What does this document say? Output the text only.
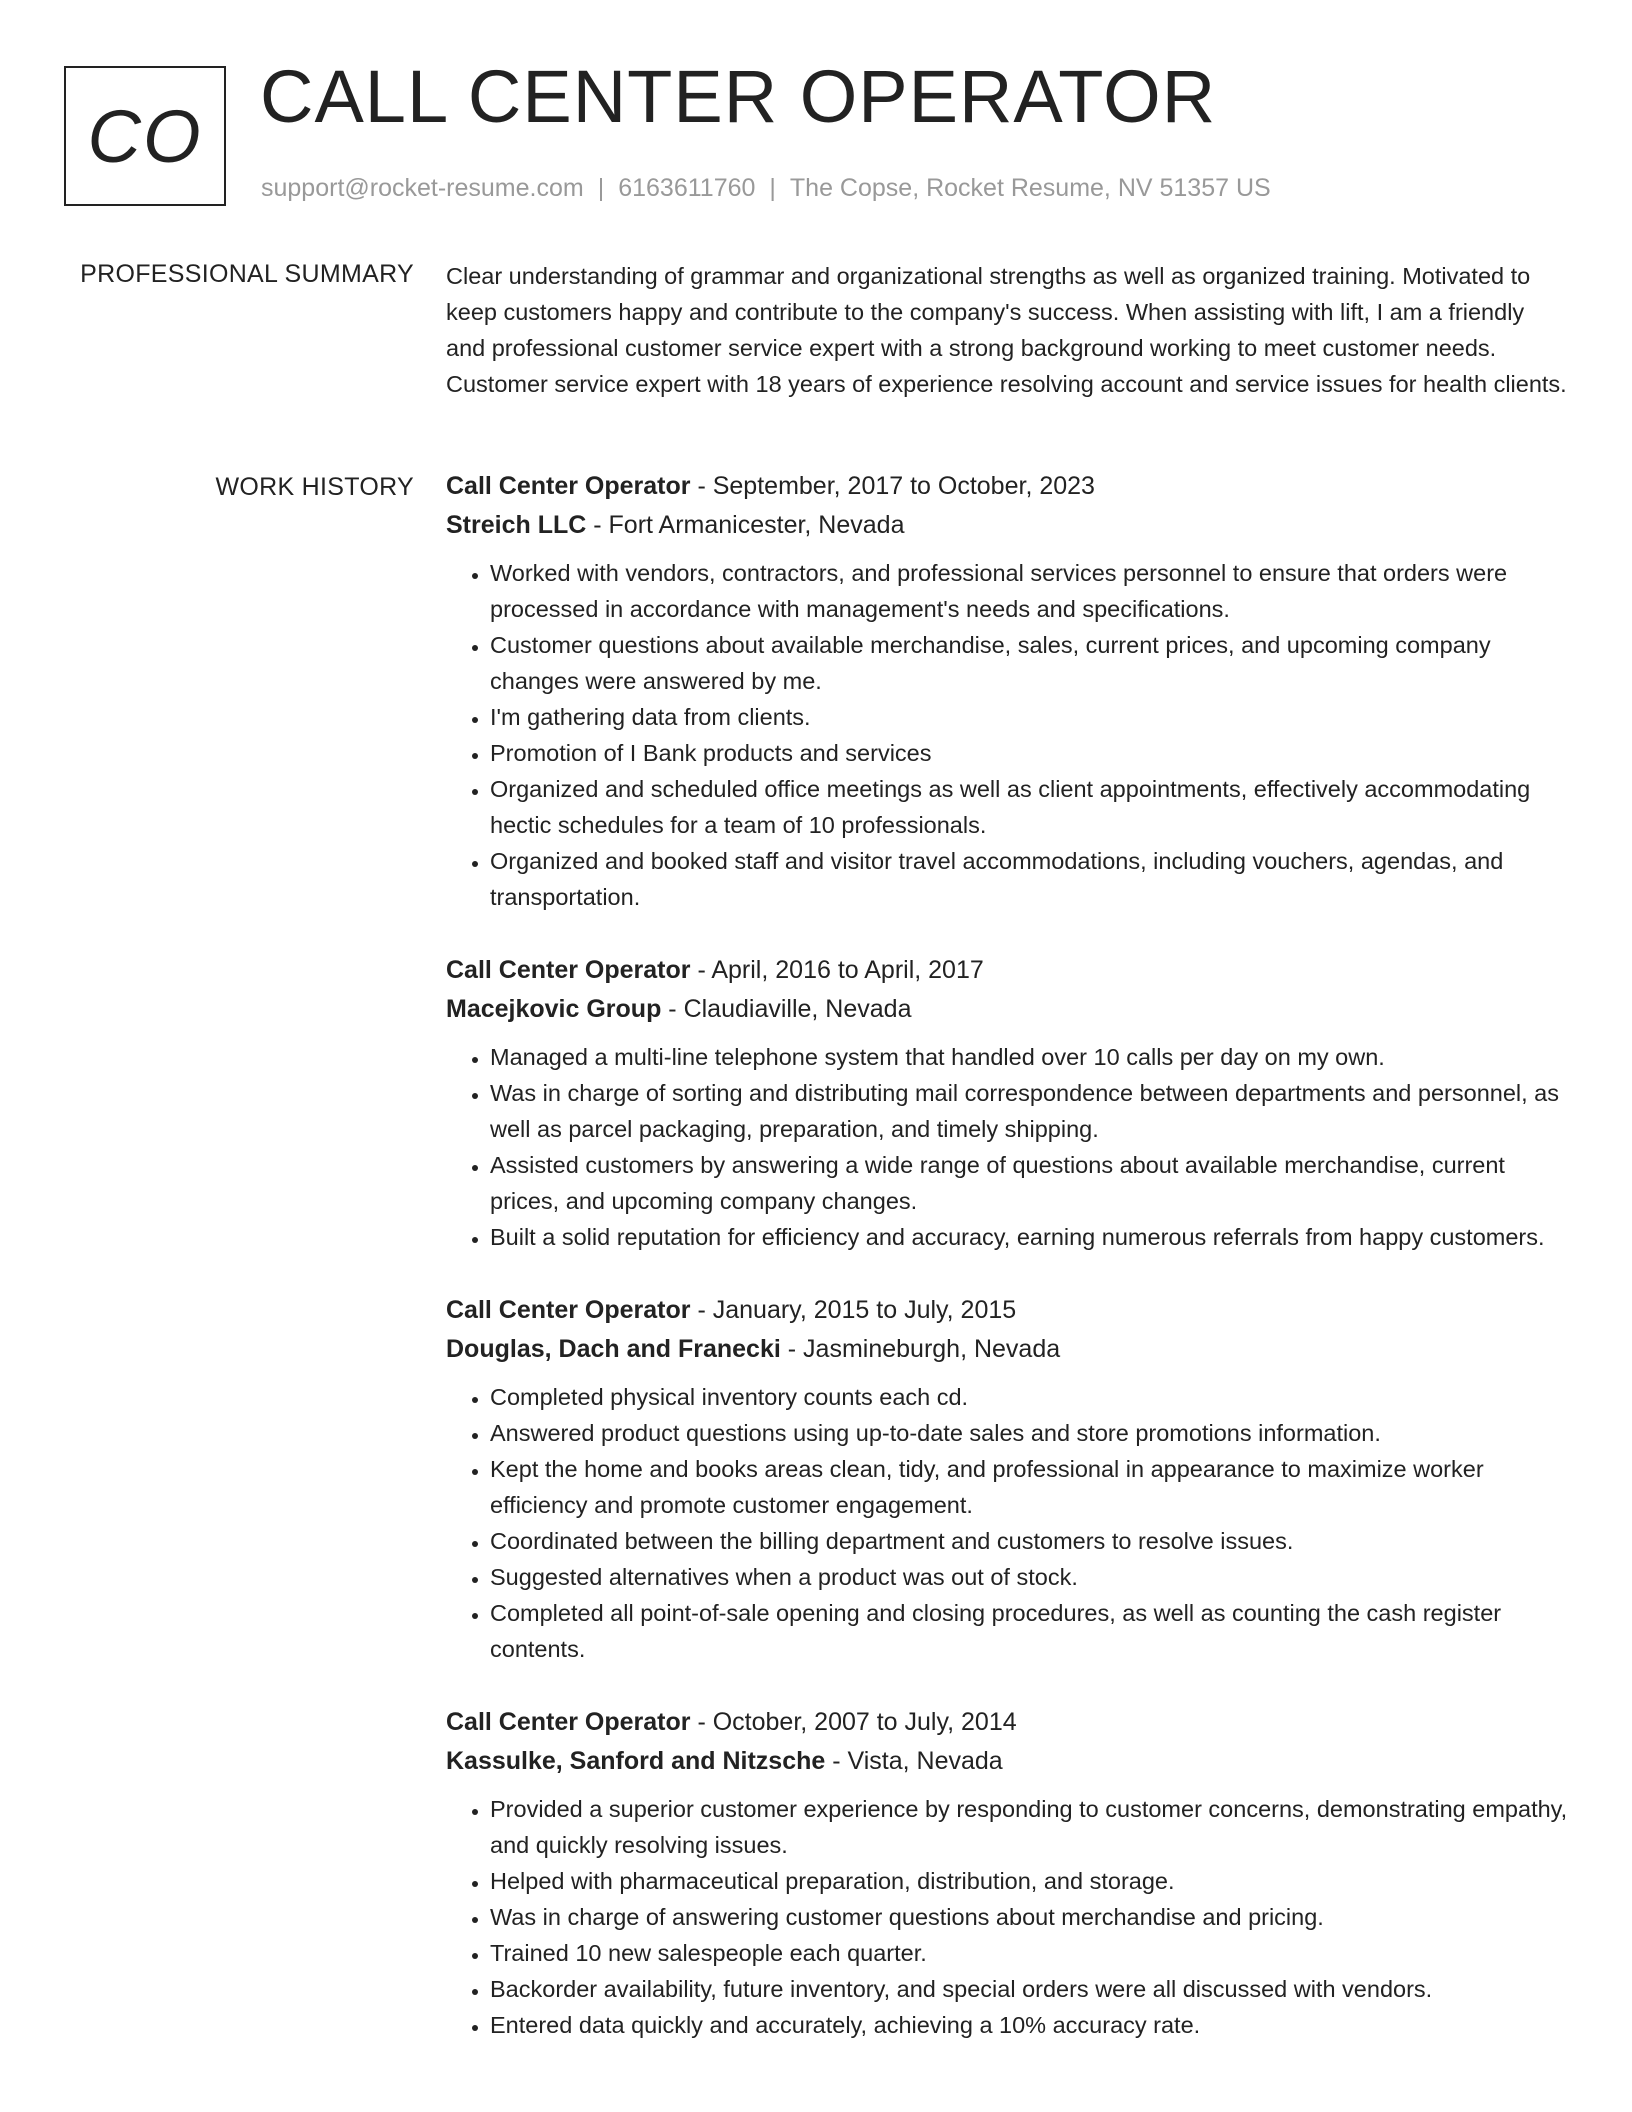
CO CALL CENTER OPERATOR
support@rocket-resume.com | 6163611760 | The Copse, Rocket Resume, NV 51357 US
PROFESSIONAL SUMMARY Clear understanding of grammar and organizational strengths as well as organized training. Motivated to keep customers happy and contribute to the company's success. When assisting with lift, I am a friendly and professional customer service expert with a strong background working to meet customer needs. Customer service expert with 18 years of experience resolving account and service issues for health clients.

WORK HISTORY Call Center Operator - September, 2017 to October, 2023
Streich LLC - Fort Armanicester, Nevada
• Worked with vendors, contractors, and professional services personnel to ensure that orders were processed in accordance with management's needs and specifications.
• Customer questions about available merchandise, sales, current prices, and upcoming company changes were answered by me.
• I'm gathering data from clients.
• Promotion of I Bank products and services
• Organized and scheduled office meetings as well as client appointments, effectively accommodating hectic schedules for a team of 10 professionals.
• Organized and booked staff and visitor travel accommodations, including vouchers, agendas, and transportation.
Call Center Operator - April, 2016 to April, 2017
Macejkovic Group - Claudiaville, Nevada
• Managed a multi-line telephone system that handled over 10 calls per day on my own.
• Was in charge of sorting and distributing mail correspondence between departments and personnel, as well as parcel packaging, preparation, and timely shipping.
• Assisted customers by answering a wide range of questions about available merchandise, current prices, and upcoming company changes.
• Built a solid reputation for efficiency and accuracy, earning numerous referrals from happy customers.
Call Center Operator - January, 2015 to July, 2015
Douglas, Dach and Franecki - Jasmineburgh, Nevada
• Completed physical inventory counts each cd.
• Answered product questions using up-to-date sales and store promotions information.
• Kept the home and books areas clean, tidy, and professional in appearance to maximize worker efficiency and promote customer engagement.
• Coordinated between the billing department and customers to resolve issues.
• Suggested alternatives when a product was out of stock.
• Completed all point-of-sale opening and closing procedures, as well as counting the cash register contents.
Call Center Operator - October, 2007 to July, 2014
Kassulke, Sanford and Nitzsche - Vista, Nevada
• Provided a superior customer experience by responding to customer concerns, demonstrating empathy, and quickly resolving issues.
• Helped with pharmaceutical preparation, distribution, and storage.
• Was in charge of answering customer questions about merchandise and pricing.
• Trained 10 new salespeople each quarter.
• Backorder availability, future inventory, and special orders were all discussed with vendors.
• Entered data quickly and accurately, achieving a 10% accuracy rate.
